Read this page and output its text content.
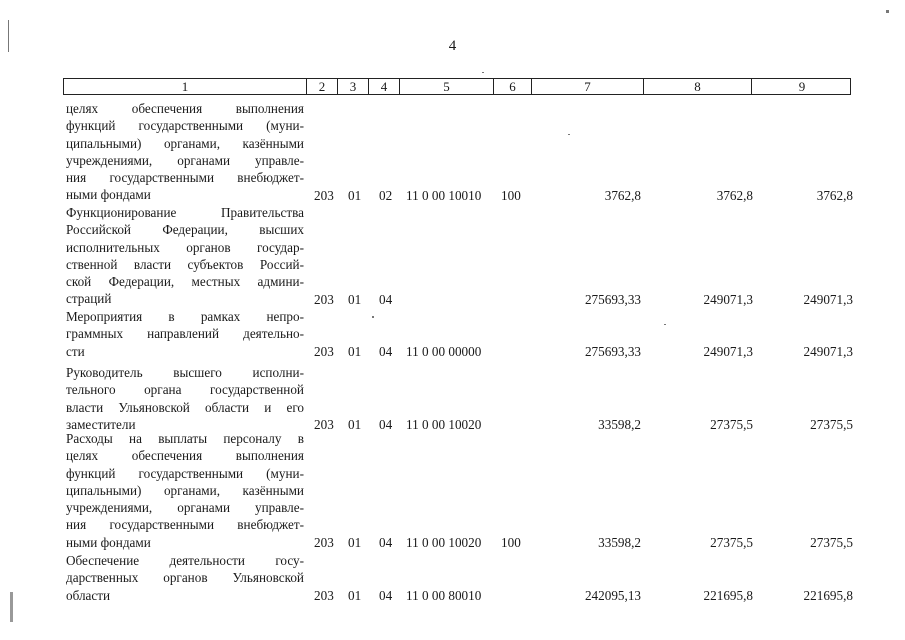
4
1	2	3	4	5	6	7	8	9
целях обеспечения выполнения
функций государственными (муни-
ципальными) органами, казёнными
учреждениями, органами управле-
ния государственными внебюджет-
ными фондами	203 01 02 11 0 00 10010 100	3762,8	3762,8	3762,8
Функционирование Правительства
Российской Федерации, высших
исполнительных органов государ-
ственной власти субъектов Россий-
ской Федерации, местных админи-
страций	203 01 04	275693,33	249071,3	249071,3
Мероприятия в рамках непро-
граммных направлений деятельно-
сти	203 01 04 11 0 00 00000	275693,33	249071,3	249071,3
Руководитель высшего исполни-
тельного органа государственной
власти Ульяновской области и его
заместители	203 01 04 11 0 00 10020	33598,2	27375,5	27375,5
Расходы на выплаты персоналу в
целях обеспечения выполнения
функций государственными (муни-
ципальными) органами, казёнными
учреждениями, органами управле-
ния государственными внебюджет-
ными фондами	203 01 04 11 0 00 10020 100	33598,2	27375,5	27375,5
Обеспечение деятельности госу-
дарственных органов Ульяновской
области	203 01 04 11 0 00 80010	242095,13	221695,8	221695,8
